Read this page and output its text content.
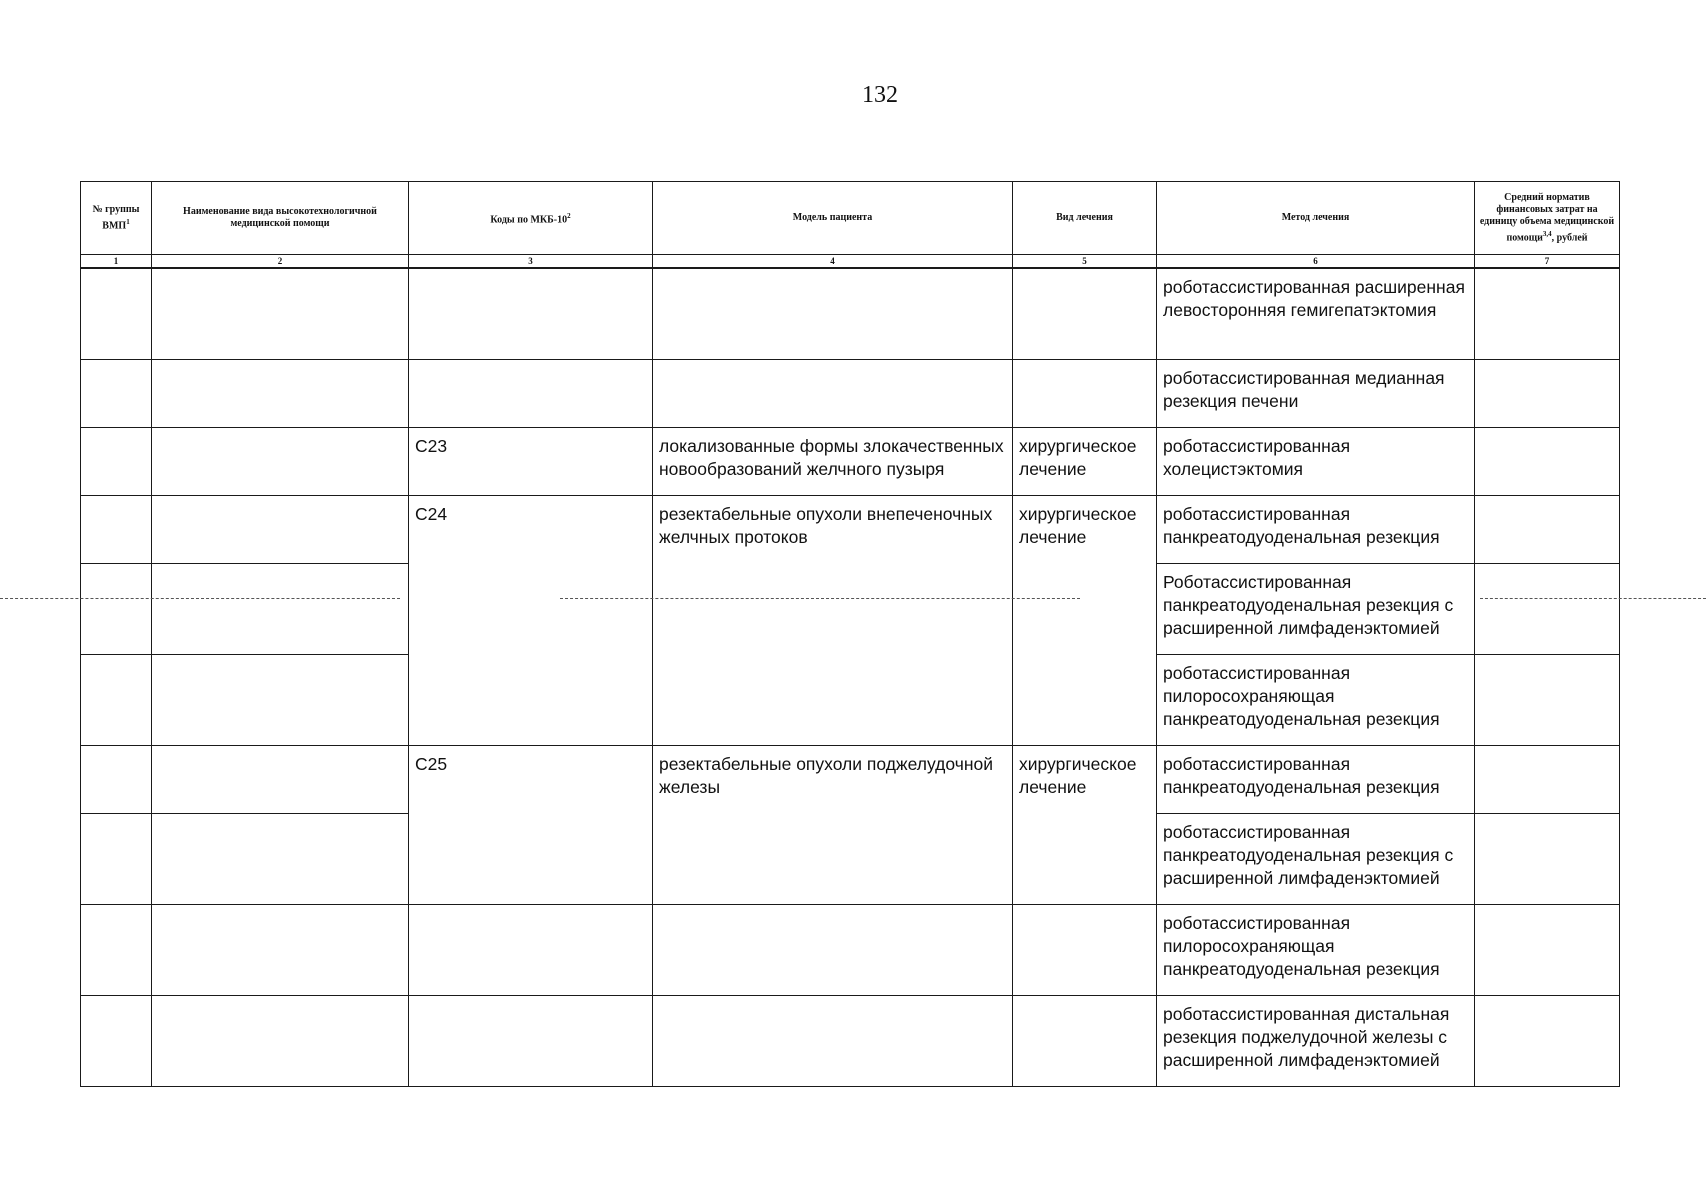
132
№ группы ВМП$^1$	Наименование вида высокотехнологичной медицинской помощи	Коды по МКБ-$10^2$	Модель пациента	Вид лечения	Метод лечения	Средний норматив финансовых затрат на единицу объема медицинской помощи$^{3,4}$, рублей
1	2	3	4	5	6	7
					роботассистированная расширенная левосторонняя гемигепатэктомия	
					роботассистированная медианная резекция печени	
		C23	локализованные формы злокачественных новообразований желчного пузыря	хирургическое лечение	роботассистированная холецистэктомия	
		C24	резектабельные опухоли внепеченочных желчных протоков	хирургическое лечение	роботассистированная панкреатодуоденальная резекция	
					Роботассистированная панкреатодуоденальная резекция с расширенной лимфаденэктомией	
					роботассистированная пилоросохраняющая панкреатодуоденальная резекция	
		C25	резектабельные опухоли поджелудочной железы	хирургическое лечение	роботассистированная панкреатодуоденальная резекция	
					роботассистированная панкреатодуоденальная резекция с расширенной лимфаденэктомией	
					роботассистированная пилоросохраняющая панкреатодуоденальная резекция	
					роботассистированная дистальная резекция поджелудочной железы с расширенной лимфаденэктомией	
